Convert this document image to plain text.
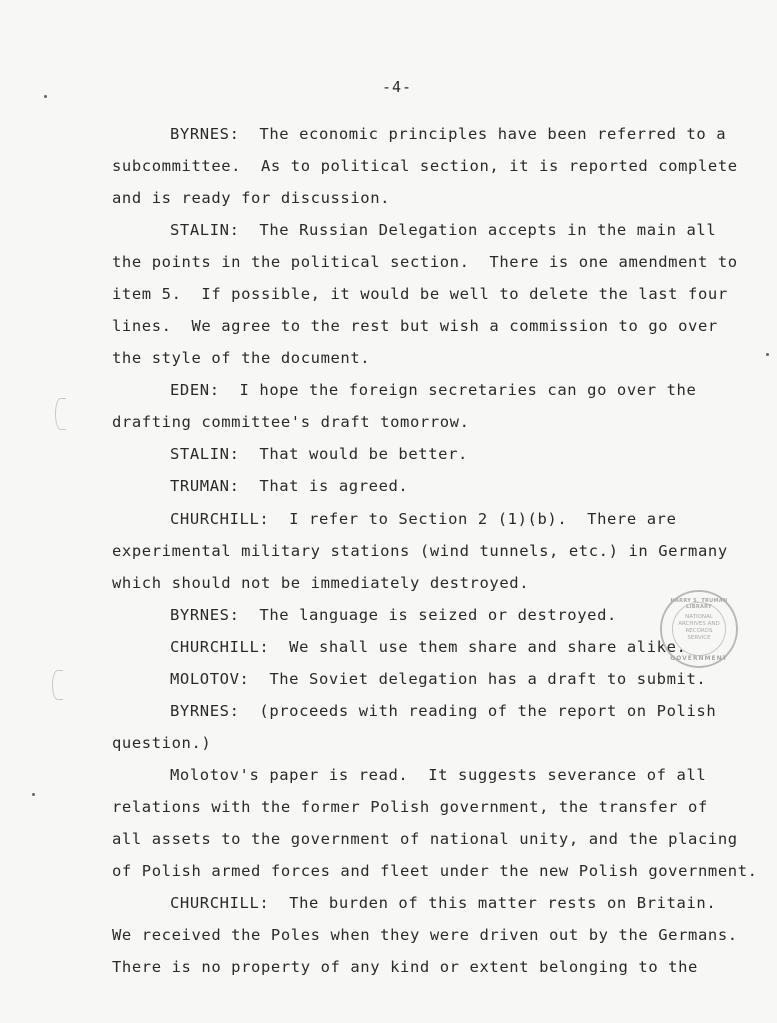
-4-
BYRNES:  The economic principles have been referred to a
subcommittee.  As to political section, it is reported complete
and is ready for discussion.
STALIN:  The Russian Delegation accepts in the main all
the points in the political section.  There is one amendment to
item 5.  If possible, it would be well to delete the last four
lines.  We agree to the rest but wish a commission to go over
the style of the document.
EDEN:  I hope the foreign secretaries can go over the
drafting committee's draft tomorrow.
STALIN:  That would be better.
TRUMAN:  That is agreed.
CHURCHILL:  I refer to Section 2 (1)(b).  There are
experimental military stations (wind tunnels, etc.) in Germany
which should not be immediately destroyed.
BYRNES:  The language is seized or destroyed.
CHURCHILL:  We shall use them share and share alike.
MOLOTOV:  The Soviet delegation has a draft to submit.
BYRNES:  (proceeds with reading of the report on Polish
question.)
Molotov's paper is read.  It suggests severance of all
relations with the former Polish government, the transfer of
all assets to the government of national unity, and the placing
of Polish armed forces and fleet under the new Polish government.
CHURCHILL:  The burden of this matter rests on Britain.
We received the Poles when they were driven out by the Germans.
There is no property of any kind or extent belonging to the
HARRY S. TRUMAN LIBRARY
NATIONAL
ARCHIVES AND
RECORDS
SERVICE
GOVERNMENT
